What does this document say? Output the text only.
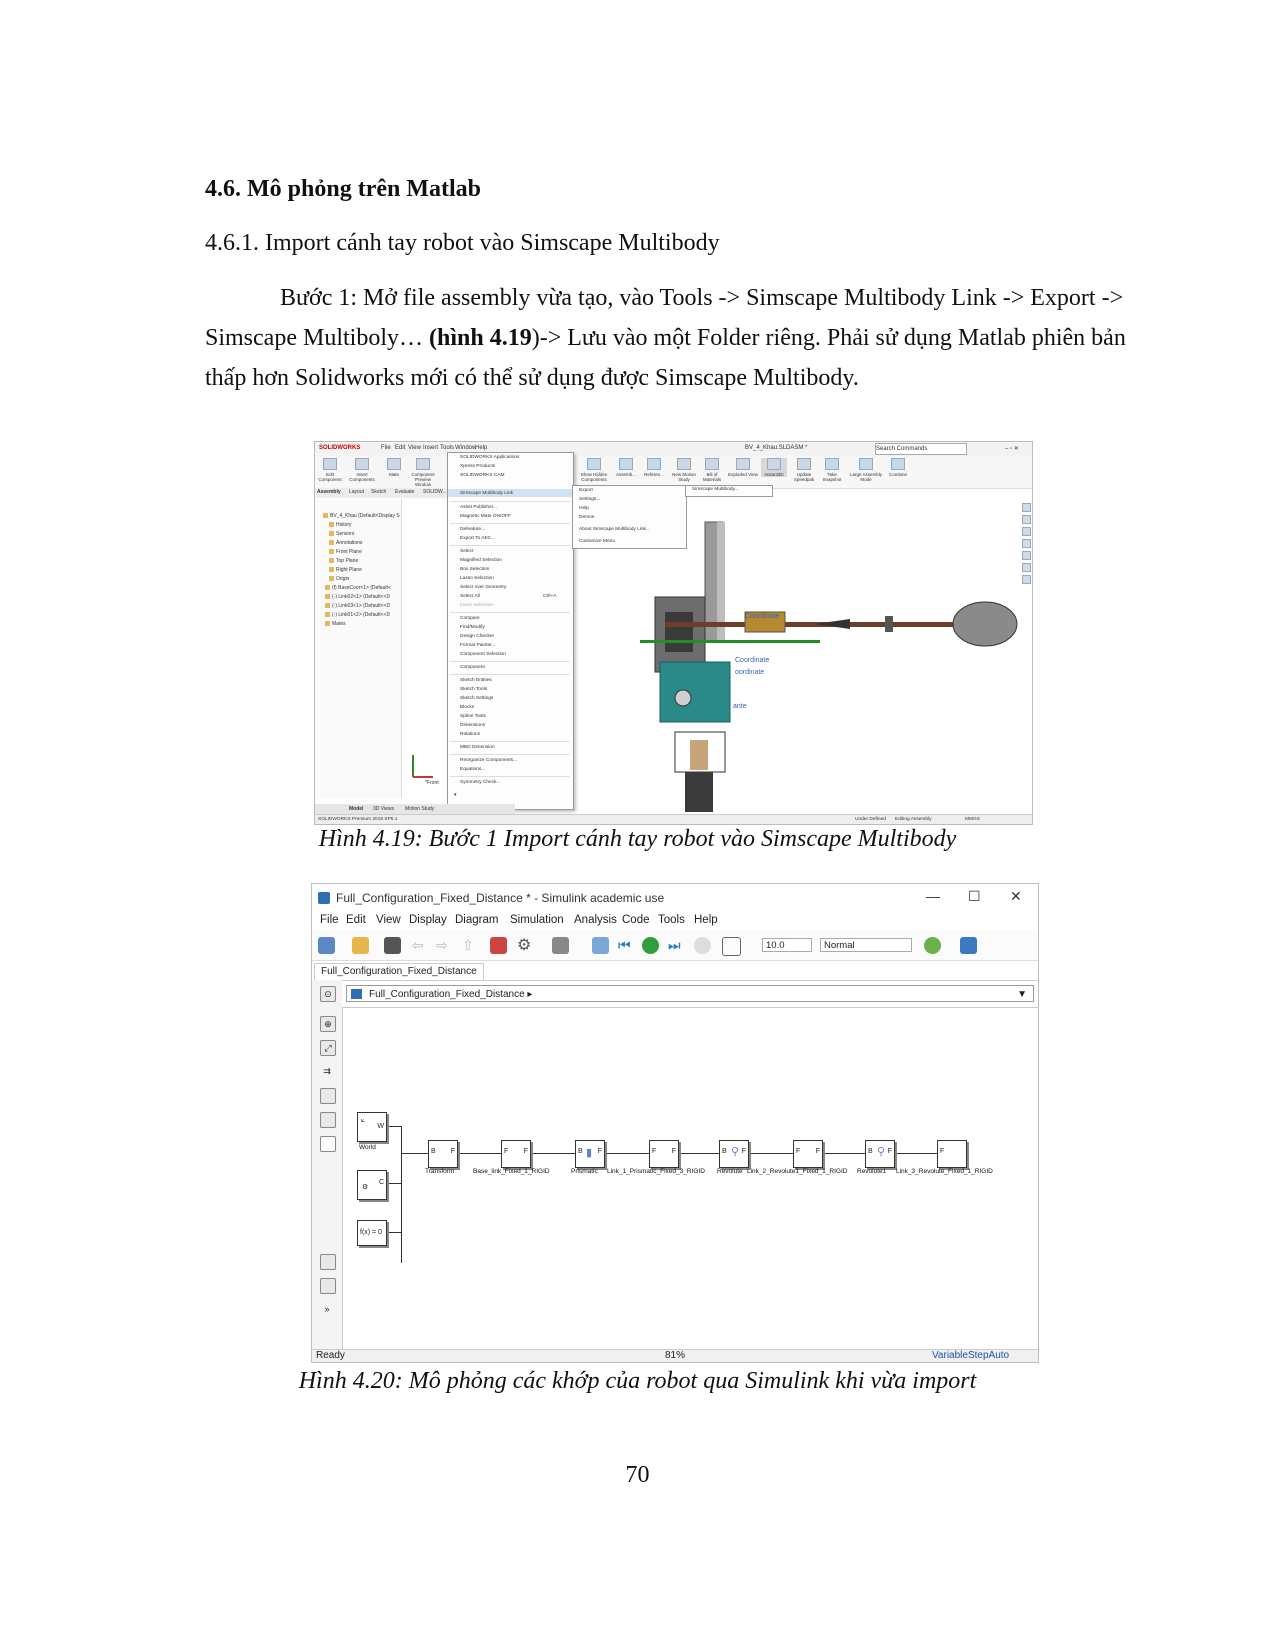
4.6. Mô phỏng trên Matlab
4.6.1. Import cánh tay robot vào Simscape Multibody
Bước 1: Mở file assembly vừa tạo, vào Tools -> Simscape Multibody Link -> Export -> Simscape Multiboly… (hình 4.19)-> Lưu vào một Folder riêng. Phải sử dụng Matlab phiên bản thấp hơn Solidworks mới có thể sử dụng được Simscape Multibody.
SOLIDWORKS	File Edit View Insert Tools Window
Help	BV_4_Khau.SLDASM *	Search Commands	– ▫ ✕
Edit Component
Insert Components
Mate	Component Preview Window
Show Hidden Components
Assemb...	Referen...	New Motion Study
Bill of Materials
Exploded View	Instant3D	Update Speedpak
Take Snapshot
Large Assembly Mode
Combine
Assembly Layout Sketch Evaluate SOLIDW...
BV_4_Khau (Default<Display S
History
Sensors
Annotations
Front Plane
Top Plane
Right Plane
Origin
(f) BaseCoor<1> (Default<
(-) Link02<1> (Default<<D
(-) Link03<1> (Default<<D
(-) Link01<2> (Default<<D
Mates
Coordinate
oordinate
Coordinate
ante
*Front
SOLIDWORKS Applications
Xpress Products
SOLIDWORKS CAM
Simscape Multibody Link
Asset Publisher...
Magnetic Mate ON/OFF
Defeature...
Export To AEC...
Select
Magnified Selection
Box Selection
Lasso Selection
Select over Geometry
Select All	Ctrl+A
Invert Selection
Compare
Find/Modify
Design Checker
Format Painter...
Component Selection
Component
Sketch Entities
Sketch Tools
Sketch Settings
Blocks
Spline Tools
Dimensions
Relations
MBD Dimension
Reorganize Components...
Equations...
Symmetry Check...
▾
Export
Settings...
Help
Demos
About Simscape Multibody Link...
Customize Menu
Simscape Multibody...
Model 3D Views Motion Study
SOLIDWORKS Premium 2019 SP5.1	Under Defined Editing Assembly	MMGS
Hình 4.19: Bước 1 Import cánh tay robot vào Simscape Multibody
Full_Configuration_Fixed_Distance * - Simulink academic use	— ☐ ✕
File Edit View Display Diagram Simulation Analysis Code Tools Help
⇦ ⇨	⇧	⚙	⏮	⏭	10.0	Normal
Full_Configuration_Fixed_Distance
⊙
⊕
⤢
⇉
»
Full_Configuration_Fixed_Distance ▸	▼
⟀
W
World
⚙
C
f(x) = 0
B F
Transform
F F
Base_link_Fixed_1_RIGID
B ▮ F
Prismatic
F F
Link_1_Prismatic_Fixed_3_RIGID
B ⚲ F
Revolute
F F
Link_2_Revolute1_Fixed_1_RIGID
B ⚲ F
Revolute1
F
Link_3_Revolute_Fixed_1_RIGID
Ready	81%	VariableStepAuto
Hình 4.20: Mô phỏng các khớp của robot qua Simulink khi vừa import
70
